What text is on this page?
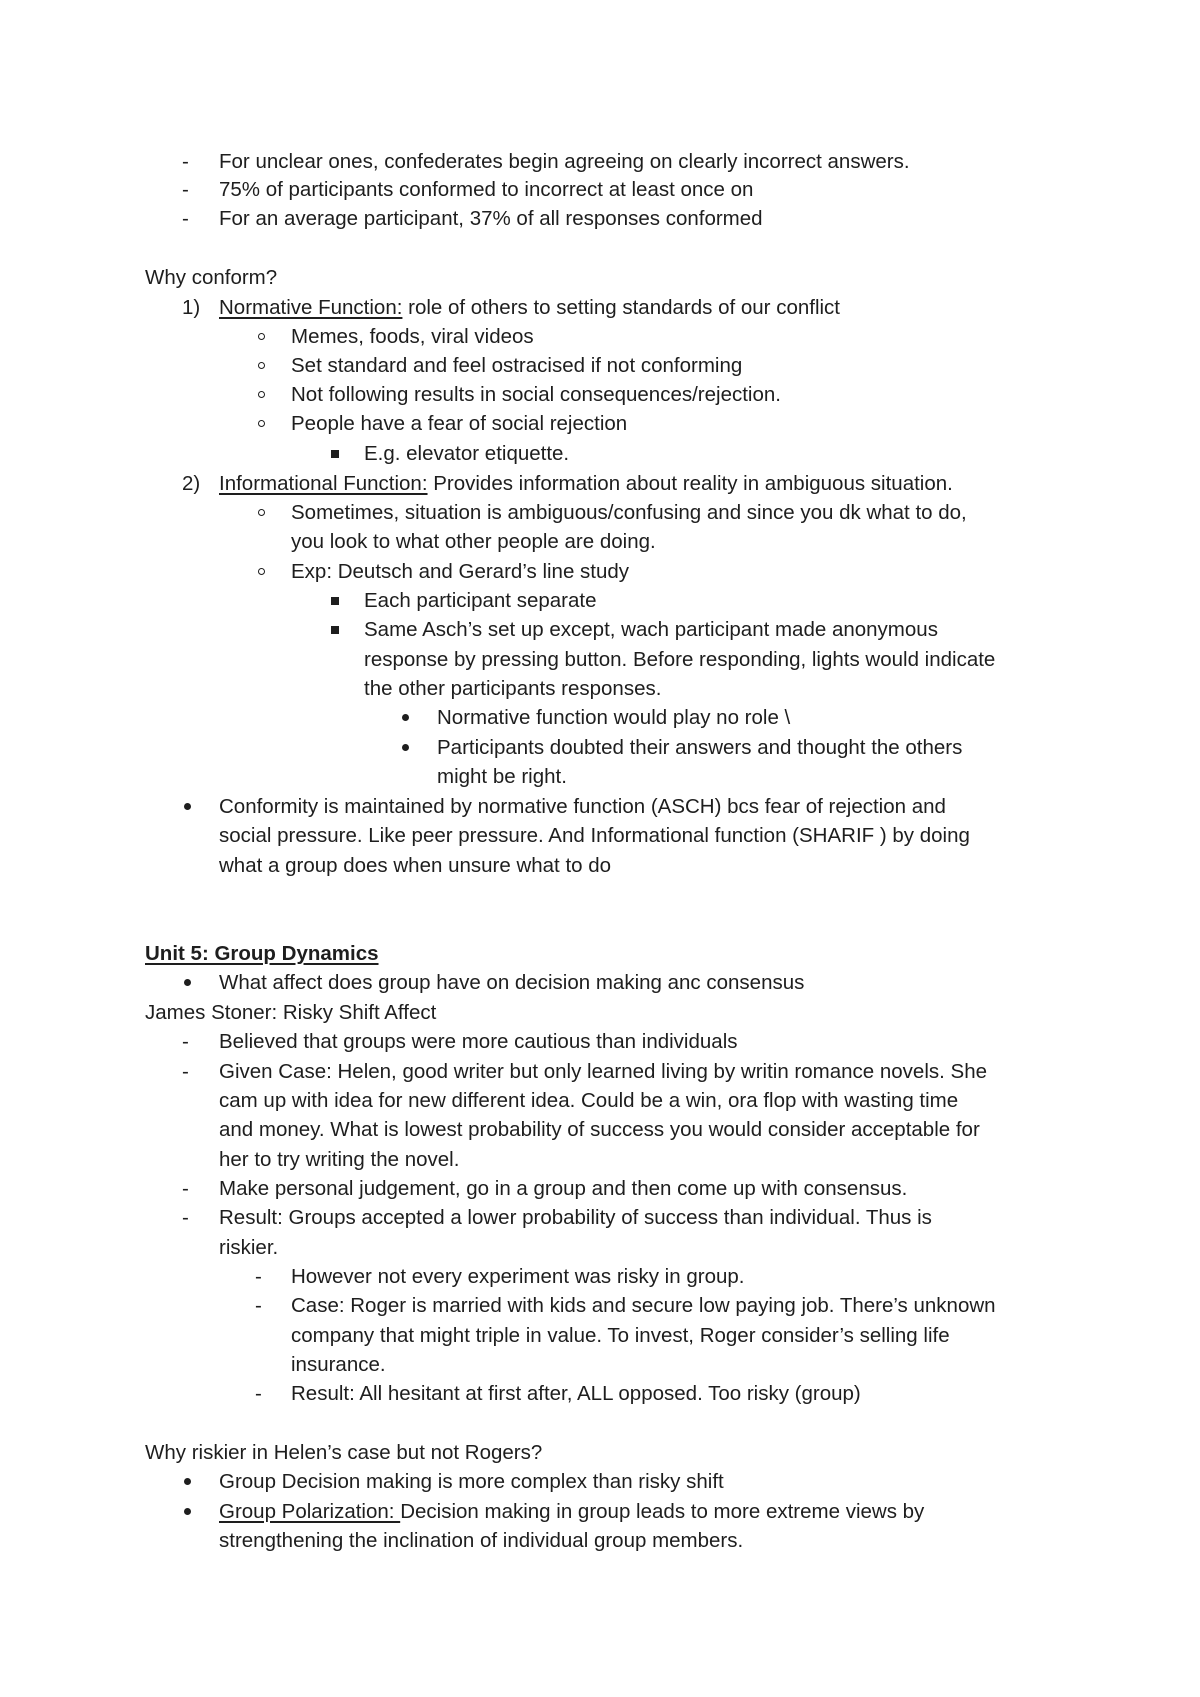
- For unclear ones, confederates begin agreeing on clearly incorrect answers.
- 75% of participants conformed to incorrect at least once on
- For an average participant, 37% of all responses conformed
Why conform?
1) Normative Function: role of others to setting standards of our conflict
Memes, foods, viral videos
Set standard and feel ostracised if not conforming
Not following results in social consequences/rejection.
People have a fear of social rejection
E.g. elevator etiquette.
2) Informational Function: Provides information about reality in ambiguous situation.
Sometimes, situation is ambiguous/confusing and since you dk what to do,
you look to what other people are doing.
Exp: Deutsch and Gerard’s line study
Each participant separate
Same Asch’s set up except, wach participant made anonymous
response by pressing button. Before responding, lights would indicate
the other participants responses.
Normative function would play no role \
Participants doubted their answers and thought the others
might be right.
Conformity is maintained by normative function (ASCH) bcs fear of rejection and
social pressure. Like peer pressure. And Informational function (SHARIF ) by doing
what a group does when unsure what to do
Unit 5: Group Dynamics
What affect does group have on decision making anc consensus
James Stoner: Risky Shift Affect
- Believed that groups were more cautious than individuals
- Given Case: Helen, good writer but only learned living by writin romance novels. She
cam up with idea for new different idea. Could be a win, ora flop with wasting time
and money. What is lowest probability of success you would consider acceptable for
her to try writing the novel.
- Make personal judgement, go in a group and then come up with consensus.
- Result: Groups accepted a lower probability of success than individual. Thus is
riskier.
- However not every experiment was risky in group.
- Case: Roger is married with kids and secure low paying job. There’s unknown
company that might triple in value. To invest, Roger consider’s selling life
insurance.
- Result: All hesitant at first after, ALL opposed. Too risky (group)
Why riskier in Helen’s case but not Rogers?
Group Decision making is more complex than risky shift
Group Polarization: Decision making in group leads to more extreme views by
strengthening the inclination of individual group members.
